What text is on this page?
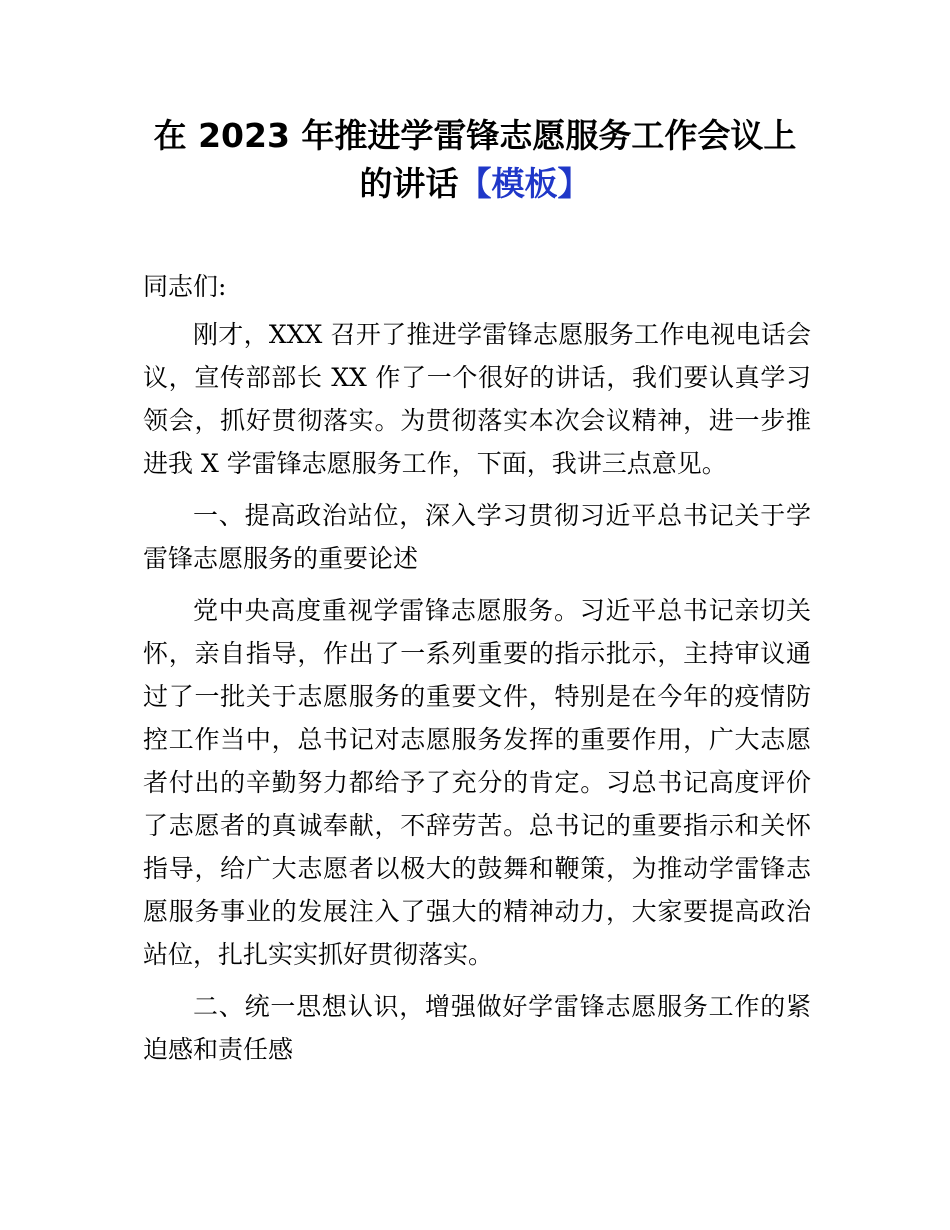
在 2023 年推进学雷锋志愿服务工作会议上
的讲话【模板】

同志们:

刚才，XXX 召开了推进学雷锋志愿服务工作电视电话会议，宣传部部长 XX 作了一个很好的讲话，我们要认真学习领会，抓好贯彻落实。为贯彻落实本次会议精神，进一步推进我 X 学雷锋志愿服务工作，下面，我讲三点意见。

一、提高政治站位，深入学习贯彻习近平总书记关于学雷锋志愿服务的重要论述

党中央高度重视学雷锋志愿服务。习近平总书记亲切关怀，亲自指导，作出了一系列重要的指示批示，主持审议通过了一批关于志愿服务的重要文件，特别是在今年的疫情防控工作当中，总书记对志愿服务发挥的重要作用，广大志愿者付出的辛勤努力都给予了充分的肯定。习总书记高度评价了志愿者的真诚奉献，不辞劳苦。总书记的重要指示和关怀指导，给广大志愿者以极大的鼓舞和鞭策，为推动学雷锋志愿服务事业的发展注入了强大的精神动力，大家要提高政治站位，扎扎实实抓好贯彻落实。

二、统一思想认识，增强做好学雷锋志愿服务工作的紧迫感和责任感
